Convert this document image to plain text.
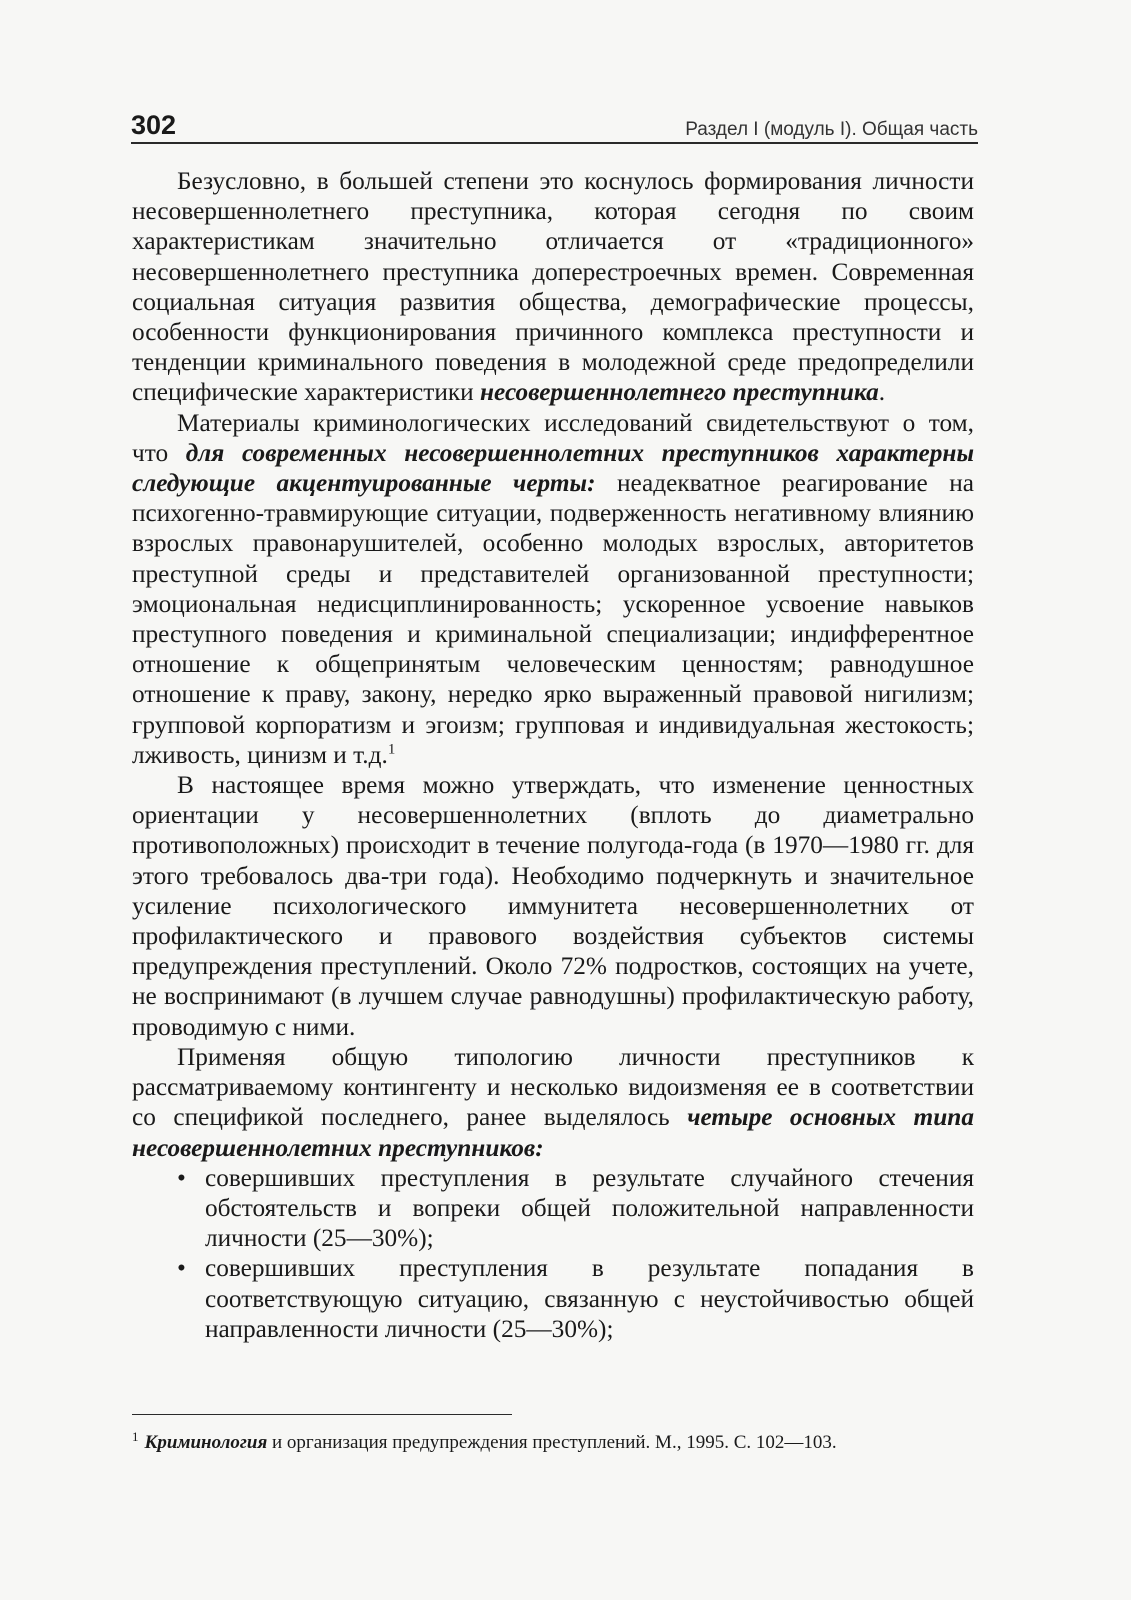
302	Раздел I (модуль I). Общая часть

Безусловно, в большей степени это коснулось формирования личности несовершеннолетнего преступника, которая сегодня по своим характеристикам значительно отличается от «традиционного» несовершеннолетнего преступника доперестроечных времен. Современная социальная ситуация развития общества, демографические процессы, особенности функционирования причинного комплекса преступности и тенденции криминального поведения в молодежной среде предопределили специфические характеристики несовершеннолетнего преступника.

Материалы криминологических исследований свидетельствуют о том, что для современных несовершеннолетних преступников характерны следующие акцентуированные черты: неадекватное реагирование на психогенно-травмирующие ситуации, подверженность негативному влиянию взрослых правонарушителей, особенно молодых взрослых, авторитетов преступной среды и представителей организованной преступности; эмоциональная недисциплинированность; ускоренное усвоение навыков преступного поведения и криминальной специализации; индифферентное отношение к общепринятым человеческим ценностям; равнодушное отношение к праву, закону, нередко ярко выраженный правовой нигилизм; групповой корпоратизм и эгоизм; групповая и индивидуальная жестокость; лживость, цинизм и т.д.$^1$

В настоящее время можно утверждать, что изменение ценностных ориентации у несовершеннолетних (вплоть до диаметрально противоположных) происходит в течение полугода-года (в 1970—1980 гг. для этого требовалось два-три года). Необходимо подчеркнуть и значительное усиление психологического иммунитета несовершеннолетних от профилактического и правового воздействия субъектов системы предупреждения преступлений. Около 72% подростков, состоящих на учете, не воспринимают (в лучшем случае равнодушны) профилактическую работу, проводимую с ними.

Применяя общую типологию личности преступников к рассматриваемому контингенту и несколько видоизменяя ее в соответствии со спецификой последнего, ранее выделялось четыре основных типа несовершеннолетних преступников:

• совершивших преступления в результате случайного стечения обстоятельств и вопреки общей положительной направленности личности (25—30%);
• совершивших преступления в результате попадания в соответствующую ситуацию, связанную с неустойчивостью общей направленности личности (25—30%);
$^1$ Криминология и организация предупреждения преступлений. М., 1995. С. 102—103.
